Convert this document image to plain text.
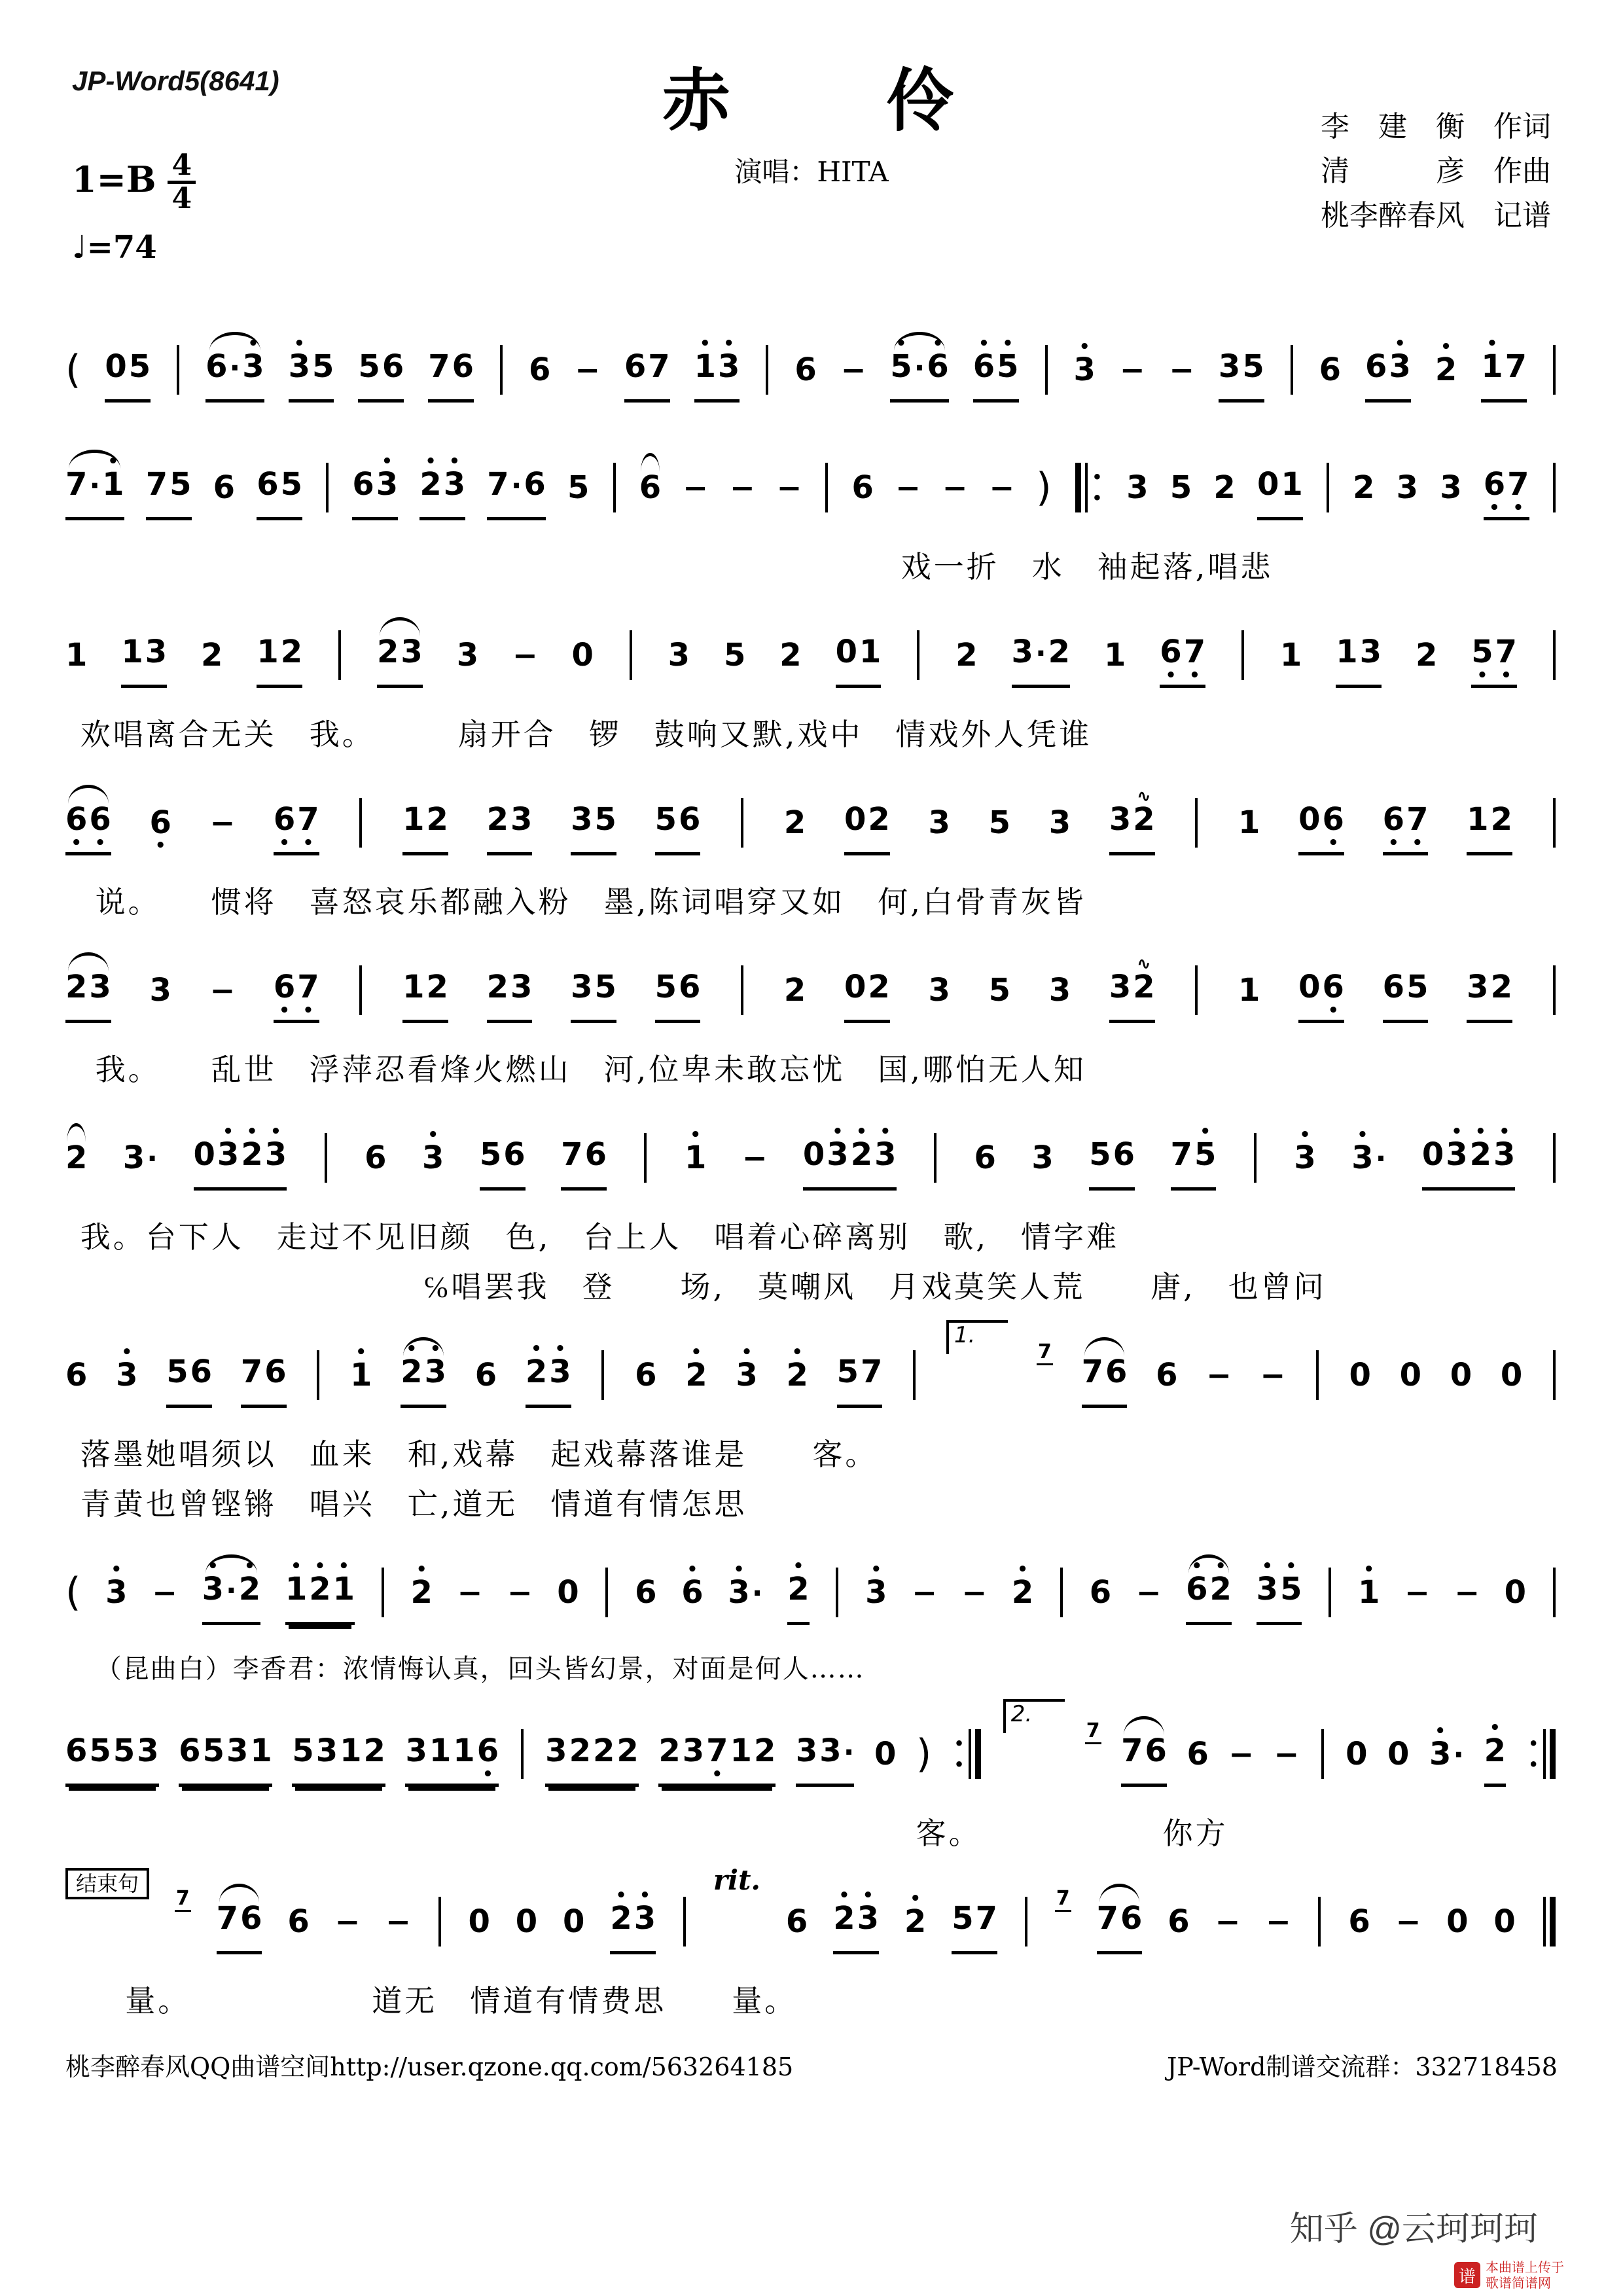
JP-Word5(8641)	赤　　伶
演唱：HITA
$1=B \frac{4}{4}$
♩=74
李　建　衡　作词
清　　　彦　作曲
桃李醉春风　记谱
( 0 5 6 ·
•
3
•
3 5 5 6 7 6 6 − 6 7
•
1
•
3 6 −
•
5 ·
•
6
•
6
•
5
•
3 − − 3 5 6 6
•
3
•
2
•
1 7
7 ·
•
1 7 5 6 6 5 6
•
3
•
2
•
3 7 · 6 5 6 − − − 6 − − − )	•
• 3 5 2 0 1 2 3 3 6
•
7
•
戏一折　水　袖起落,唱悲
1 1 3 2 1 2 2 3 3 − 0 3 5 2 0 1 2 3 · 2 1 6
•
7
•
1 1 3 2 5
•
7
•
欢唱离合无关　我。　　　扇开合　锣　鼓响又默,戏中　情戏外人凭谁
6
•
6
•
6
•
− 6
•
7
•
1 2 2 3 3 5 5 6	2 0 2 3 5 3 3
∿
2	1 0 6
•
6
•
7
•
1 2
说。　　惯将　喜怒哀乐都融入粉　墨,陈词唱穿又如　何,白骨青灰皆
2 3 3 − 6
•
7
•
1 2 2 3 3 5 5 6	2 0 2 3 5 3 3
∿
2	1 0 6
•
6 5 3 2
我。　　乱世　浮萍忍看烽火燃山　河,位卑未敢忘忧　国,哪怕无人知
2 3 · 0
•
3
•
2
•
3 6
•
3 5 6 7 6
•
1 − 0
•
3
•
2
•
3 6 3 5 6 7
•
5
•
3
•
3 · 0
•
3
•
2
•
3
我。台下人　走过不见旧颜　色,　台上人　唱着心碎离别　歌,　情字难
℅唱罢我　登　　场,　莫嘲风　月戏莫笑人荒　　唐,　也曾问
6
•
3 5 6 7 6
•
1
•
2
•
3 6
•
2
•
3 6
•
2
•
3
•
2 5 7
1.
7
7 6 6 − − 0 0 0 0
落墨她唱须以　血来　和,戏幕　起戏幕落谁是　　客。
青黄也曾铿锵　唱兴　亡,道无　情道有情怎思
( •
3 −
•
3 ·
•
2
•
1
•
2
•
1
•
2 − − 0 6
•
6
•
3 ·
•
2
•
3 − −
•
2 6 −
•
6
•
2
•
3
•
5
•
1 − − 0
（昆曲白）李香君：浓情悔认真，回头皆幻景，对面是何人……
6 5 5 3 6 5 3 1 5 3 1 2 3 1 1 6
•
3 2 2 2 2 3 7
•
1 2 3 3 · 0 ) •
•
2.
7
7 6 6 − − 0 0
•
3 ·
•
2 •
•
客。　　　　　　你方
结束句
7
7 6 6 − − 0 0 0
•
2
•
3
rit.
6
•
2
•
3
•
2 5 7
7
7 6 6 − − 6 − 0 0
量。　　　　　　道无　情道有情费思　　量。
桃李醉春风QQ曲谱空间http://user.qzone.qq.com/563264185	JP-Word制谱交流群：332718458
知乎 @云珂珂珂
谱 本曲谱上传于
歌谱简谱网
